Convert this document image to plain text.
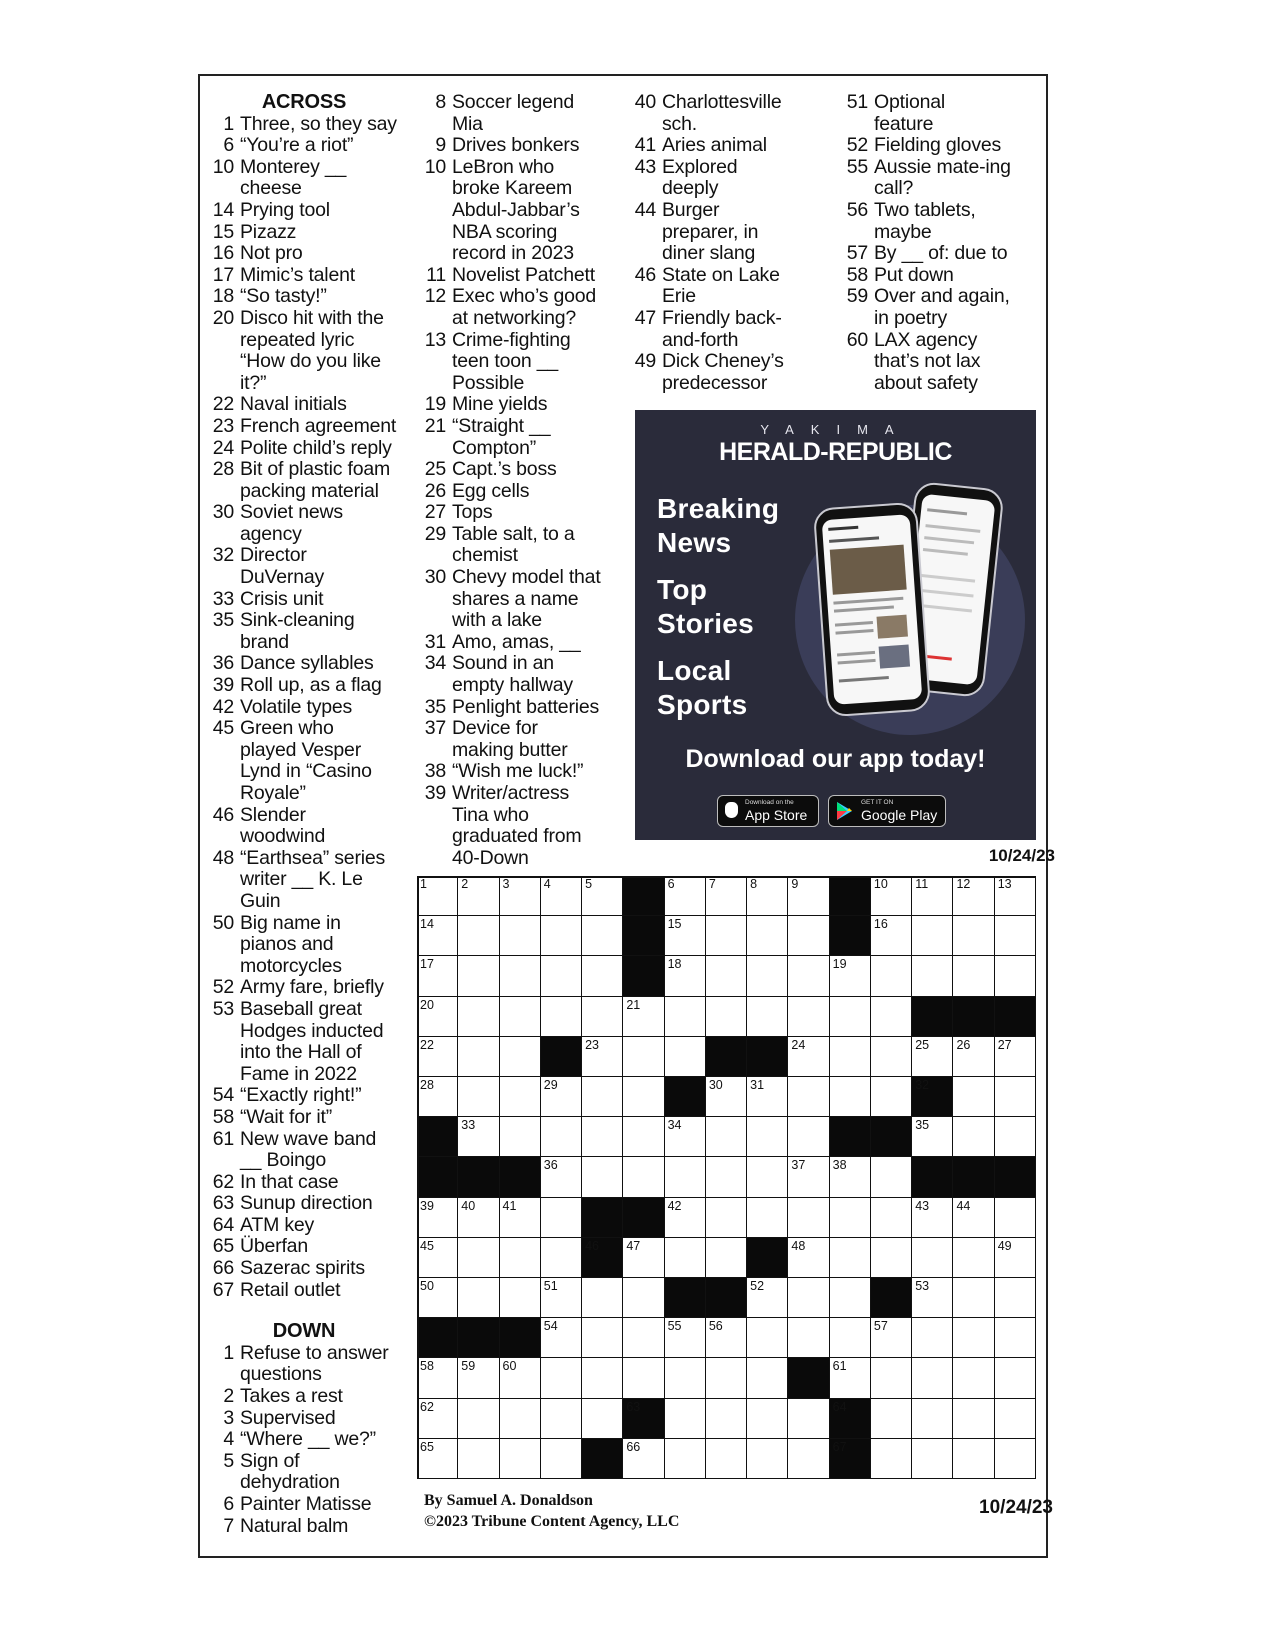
ACROSS
1 Three, so they say
6 “You’re a riot”
10 Monterey __
cheese
14 Prying tool
15 Pizazz
16 Not pro
17 Mimic’s talent
18 “So tasty!”
20 Disco hit with the
repeated lyric
“How do you like
it?”
22 Naval initials
23 French agreement
24 Polite child’s reply
28 Bit of plastic foam
packing material
30 Soviet news
agency
32 Director
DuVernay
33 Crisis unit
35 Sink-cleaning
brand
36 Dance syllables
39 Roll up, as a flag
42 Volatile types
45 Green who
played Vesper
Lynd in “Casino
Royale”
46 Slender
woodwind
48 “Earthsea” series
writer __ K. Le
Guin
50 Big name in
pianos and
motorcycles
52 Army fare, briefly
53 Baseball great
Hodges inducted
into the Hall of
Fame in 2022
54 “Exactly right!”
58 “Wait for it”
61 New wave band
__ Boingo
62 In that case
63 Sunup direction
64 ATM key
65 Überfan
66 Sazerac spirits
67 Retail outlet
DOWN
1 Refuse to answer
questions
2 Takes a rest
3 Supervised
4 “Where __ we?”
5 Sign of
dehydration
6 Painter Matisse
7 Natural balm
8 Soccer legend
Mia
9 Drives bonkers
10 LeBron who
broke Kareem
Abdul-Jabbar’s
NBA scoring
record in 2023
11 Novelist Patchett
12 Exec who’s good
at networking?
13 Crime-fighting
teen toon __
Possible
19 Mine yields
21 “Straight __
Compton”
25 Capt.’s boss
26 Egg cells
27 Tops
29 Table salt, to a
chemist
30 Chevy model that
shares a name
with a lake
31 Amo, amas, __
34 Sound in an
empty hallway
35 Penlight batteries
37 Device for
making butter
38 “Wish me luck!”
39 Writer/actress
Tina who
graduated from
40-Down
40 Charlottesville
sch.
41 Aries animal
43 Explored
deeply
44 Burger
preparer, in
diner slang
46 State on Lake
Erie
47 Friendly back-
and-forth
49 Dick Cheney’s
predecessor
51 Optional
feature
52 Fielding gloves
55 Aussie mate-ing
call?
56 Two tablets,
maybe
57 By __ of: due to
58 Put down
59 Over and again,
in poetry
60 LAX agency
that’s not lax
about safety
YAKIMA
HERALD-REPUBLIC
Breaking
News
Top
Stories
Local
Sports
Download our app today!
Download on the
App Store
GET IT ON
Google Play
10/24/23
1	2	3	4	5	6	7	8	9	10 11 12 13
14	15	16
17	18	19
20	21
22	23	24	25 26 27
28	29	30 31	32
33	34	35
36	37 38
39 40 41	42	43 44
45	46 47	48	49
50	51	52	53
54	55 56	57
58 59 60	61
62	63	64
65	66	67
By Samuel A. Donaldson
©2023 Tribune Content Agency, LLC
10/24/23
